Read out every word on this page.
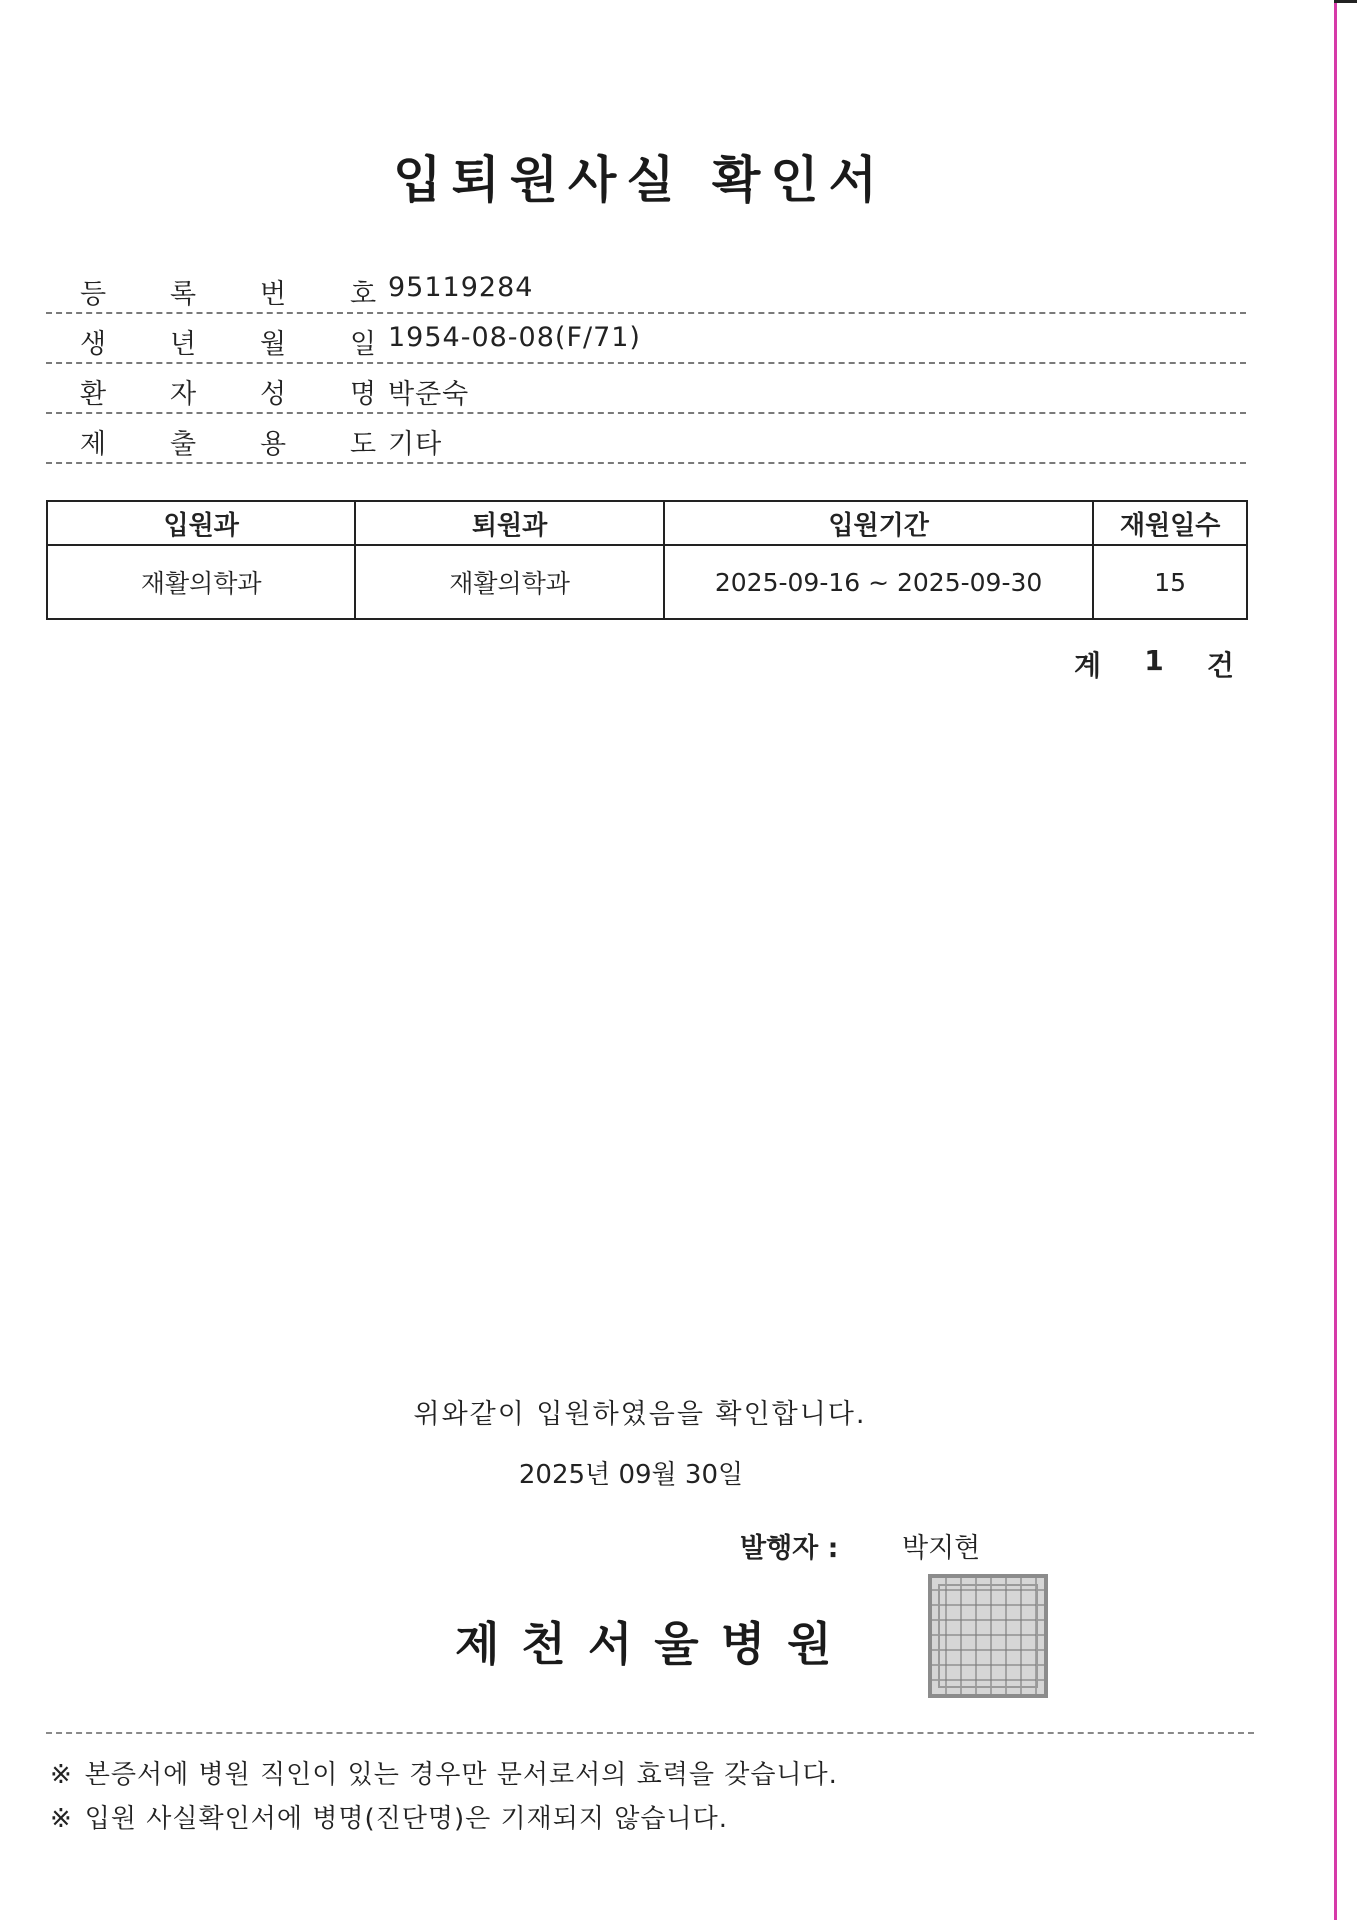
입퇴원사실 확인서
등 록 번 호 95119284
생 년 월 일 1954-08-08(F/71)
환 자 성 명 박준숙
제 출 용 도 기타
입원과	퇴원과	입원기간	재원일수
재활의학과	재활의학과	2025-09-16 ~ 2025-09-30	15
계 1 건
위와같이 입원하였음을 확인합니다.
2025년 09월 30일
발행자 : 박지현
제천서울병원
※ 본증서에 병원 직인이 있는 경우만 문서로서의 효력을 갖습니다.
※ 입원 사실확인서에 병명(진단명)은 기재되지 않습니다.
